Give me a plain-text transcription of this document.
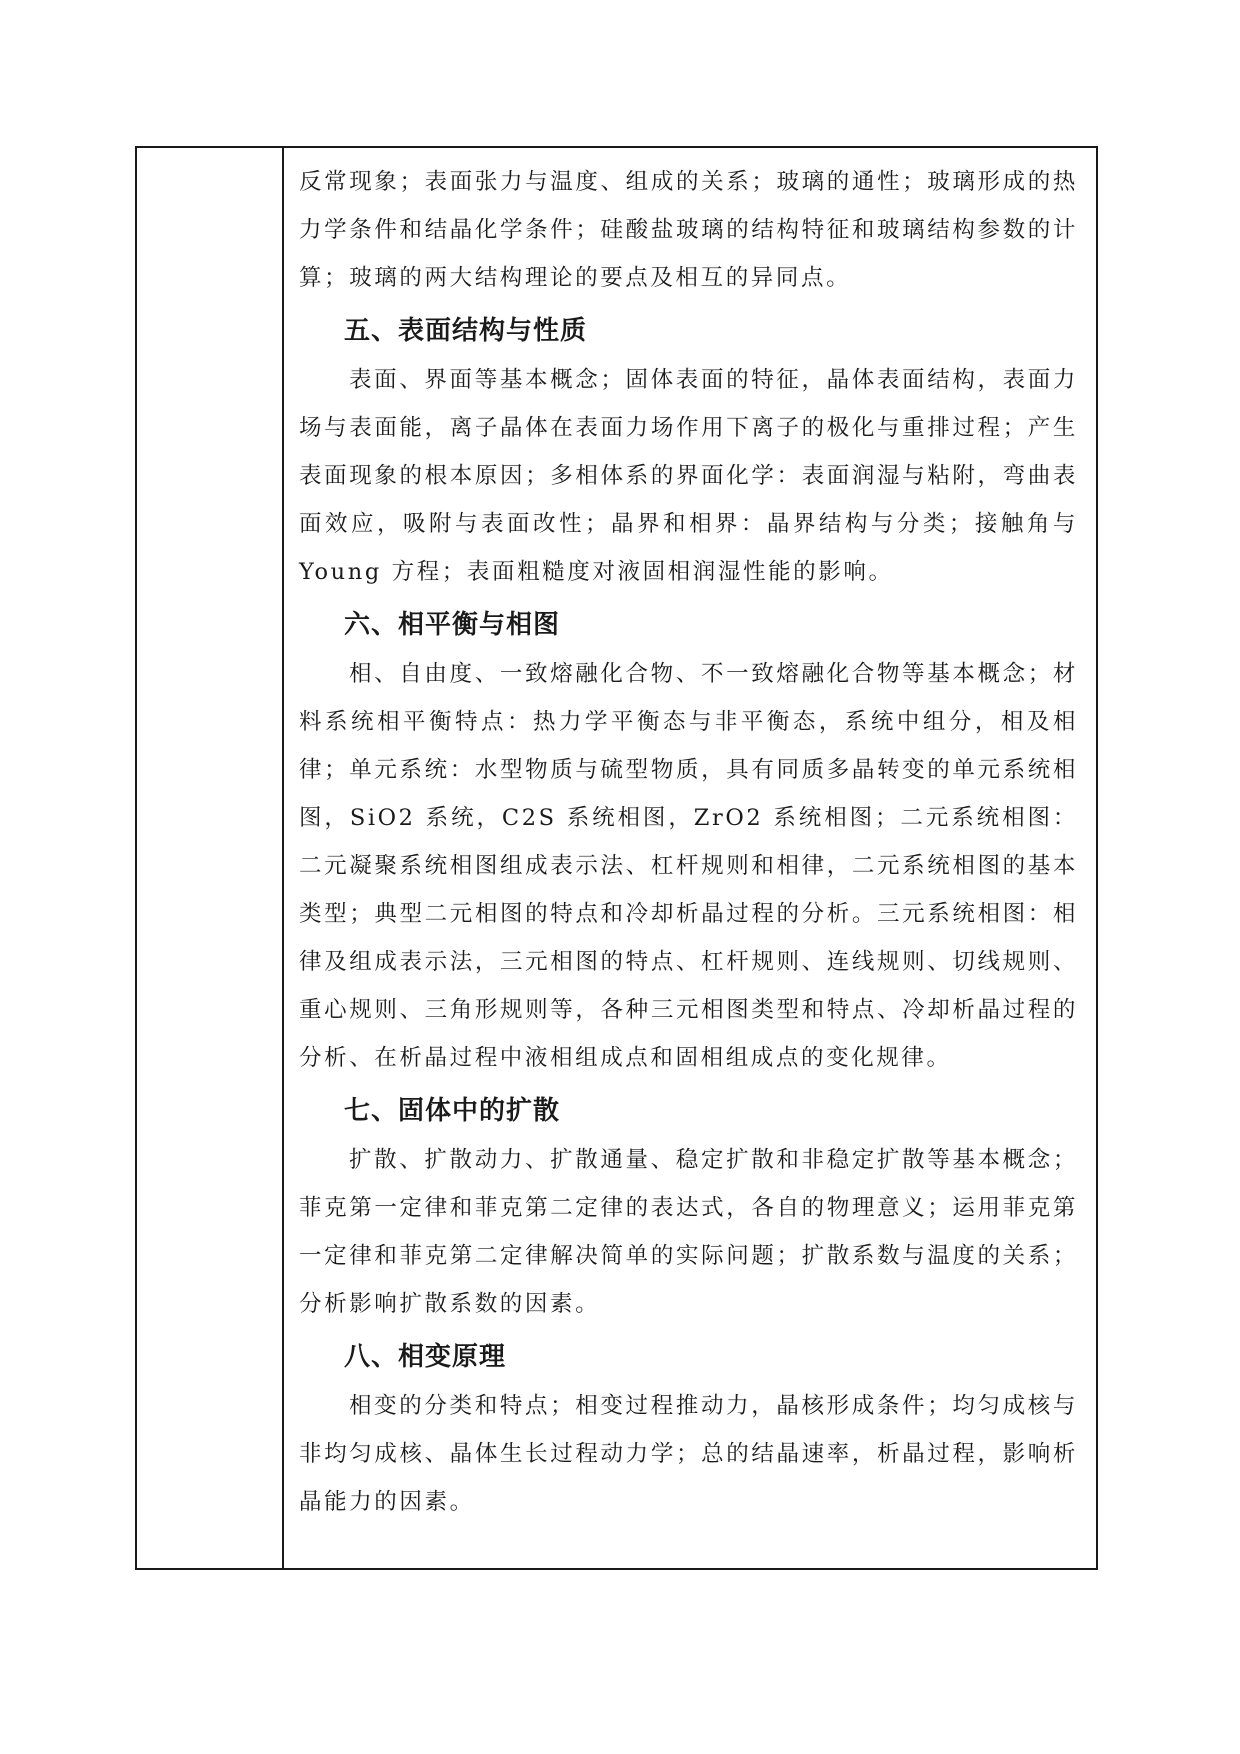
反常现象；表面张力与温度、组成的关系；玻璃的通性；玻璃形成的热力学条件和结晶化学条件；硅酸盐玻璃的结构特征和玻璃结构参数的计算；玻璃的两大结构理论的要点及相互的异同点。

五、表面结构与性质

表面、界面等基本概念；固体表面的特征，晶体表面结构，表面力场与表面能，离子晶体在表面力场作用下离子的极化与重排过程；产生表面现象的根本原因；多相体系的界面化学：表面润湿与粘附，弯曲表面效应，吸附与表面改性；晶界和相界：晶界结构与分类；接触角与 Young 方程；表面粗糙度对液固相润湿性能的影响。

六、相平衡与相图

相、自由度、一致熔融化合物、不一致熔融化合物等基本概念；材料系统相平衡特点：热力学平衡态与非平衡态，系统中组分，相及相律；单元系统：水型物质与硫型物质，具有同质多晶转变的单元系统相图，SiO2 系统，C2S 系统相图，ZrO2 系统相图；二元系统相图：二元凝聚系统相图组成表示法、杠杆规则和相律，二元系统相图的基本类型；典型二元相图的特点和冷却析晶过程的分析。三元系统相图：相律及组成表示法，三元相图的特点、杠杆规则、连线规则、切线规则、重心规则、三角形规则等，各种三元相图类型和特点、冷却析晶过程的分析、在析晶过程中液相组成点和固相组成点的变化规律。

七、固体中的扩散

扩散、扩散动力、扩散通量、稳定扩散和非稳定扩散等基本概念；菲克第一定律和菲克第二定律的表达式，各自的物理意义；运用菲克第一定律和菲克第二定律解决简单的实际问题；扩散系数与温度的关系；分析影响扩散系数的因素。

八、相变原理

相变的分类和特点；相变过程推动力，晶核形成条件；均匀成核与非均匀成核、晶体生长过程动力学；总的结晶速率，析晶过程，影响析晶能力的因素。
